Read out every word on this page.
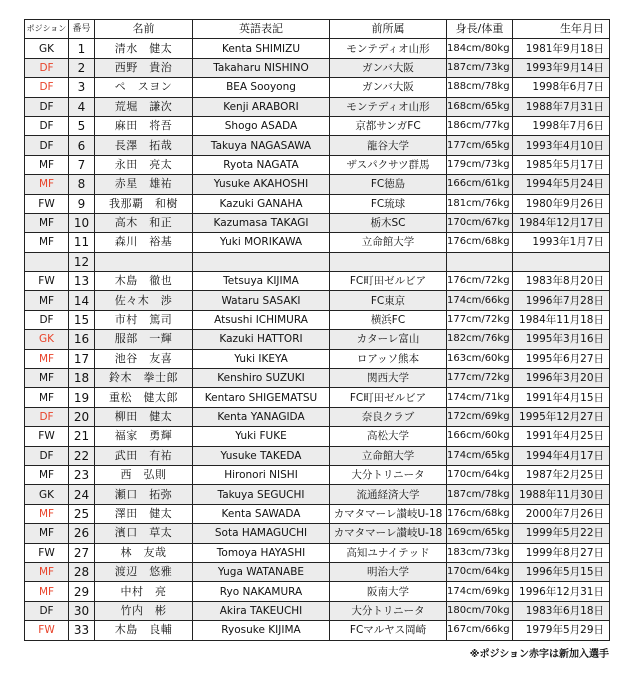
ポジション	番号	名前	英語表記	前所属	身長/体重	生年月日
GK	1	清水　健太	Kenta SHIMIZU	モンテディオ山形	184cm/80kg	1981年9月18日
DF	2	西野　貴治	Takaharu NISHINO	ガンバ大阪	187cm/73kg	1993年9月14日
DF	3	ペ　スヨン	BEA Sooyong	ガンバ大阪	188cm/78kg	1998年6月7日
DF	4	荒堀　謙次	Kenji ARABORI	モンテディオ山形	168cm/65kg	1988年7月31日
DF	5	麻田　将吾	Shogo ASADA	京都サンガFC	186cm/77kg	1998年7月6日
DF	6	長澤　拓哉	Takuya NAGASAWA	龍谷大学	177cm/65kg	1993年4月10日
MF	7	永田　亮太	Ryota NAGATA	ザスパクサツ群馬	179cm/73kg	1985年5月17日
MF	8	赤星　雄祐	Yusuke AKAHOSHI	FC徳島	166cm/61kg	1994年5月24日
FW	9	我那覇　和樹	Kazuki GANAHA	FC琉球	181cm/76kg	1980年9月26日
MF	10	高木　和正	Kazumasa TAKAGI	栃木SC	170cm/67kg	1984年12月17日
MF	11	森川　裕基	Yuki MORIKAWA	立命館大学	176cm/68kg	1993年1月7日
	12					
FW	13	木島　徹也	Tetsuya KIJIMA	FC町田ゼルビア	176cm/72kg	1983年8月20日
MF	14	佐々木　渉	Wataru SASAKI	FC東京	174cm/66kg	1996年7月28日
DF	15	市村　篤司	Atsushi ICHIMURA	横浜FC	177cm/72kg	1984年11月18日
GK	16	服部　一輝	Kazuki HATTORI	カターレ富山	182cm/76kg	1995年3月16日
MF	17	池谷　友喜	Yuki IKEYA	ロアッソ熊本	163cm/60kg	1995年6月27日
MF	18	鈴木　拳士郎	Kenshiro SUZUKI	関西大学	177cm/72kg	1996年3月20日
MF	19	重松　健太郎	Kentaro SHIGEMATSU	FC町田ゼルビア	174cm/71kg	1991年4月15日
DF	20	柳田　健太	Kenta YANAGIDA	奈良クラブ	172cm/69kg	1995年12月27日
FW	21	福家　勇輝	Yuki FUKE	高松大学	166cm/60kg	1991年4月25日
DF	22	武田　有祐	Yusuke TAKEDA	立命館大学	174cm/65kg	1994年4月17日
MF	23	西　弘則	Hironori NISHI	大分トリニータ	170cm/64kg	1987年2月25日
GK	24	瀬口　拓弥	Takuya SEGUCHI	流通経済大学	187cm/78kg	1988年11月30日
MF	25	澤田　健太	Kenta SAWADA	カマタマーレ讃岐U-18	176cm/68kg	2000年7月26日
MF	26	濱口　草太	Sota HAMAGUCHI	カマタマーレ讃岐U-18	169cm/65kg	1999年5月22日
FW	27	林　友哉	Tomoya HAYASHI	高知ユナイテッド	183cm/73kg	1999年8月27日
MF	28	渡辺　悠雅	Yuga WATANABE	明治大学	170cm/64kg	1996年5月15日
MF	29	中村　亮	Ryo NAKAMURA	阪南大学	174cm/69kg	1996年12月31日
DF	30	竹内　彬	Akira TAKEUCHI	大分トリニータ	180cm/70kg	1983年6月18日
FW	33	木島　良輔	Ryosuke KIJIMA	FCマルヤス岡崎	167cm/66kg	1979年5月29日
※ポジション赤字は新加入選手
